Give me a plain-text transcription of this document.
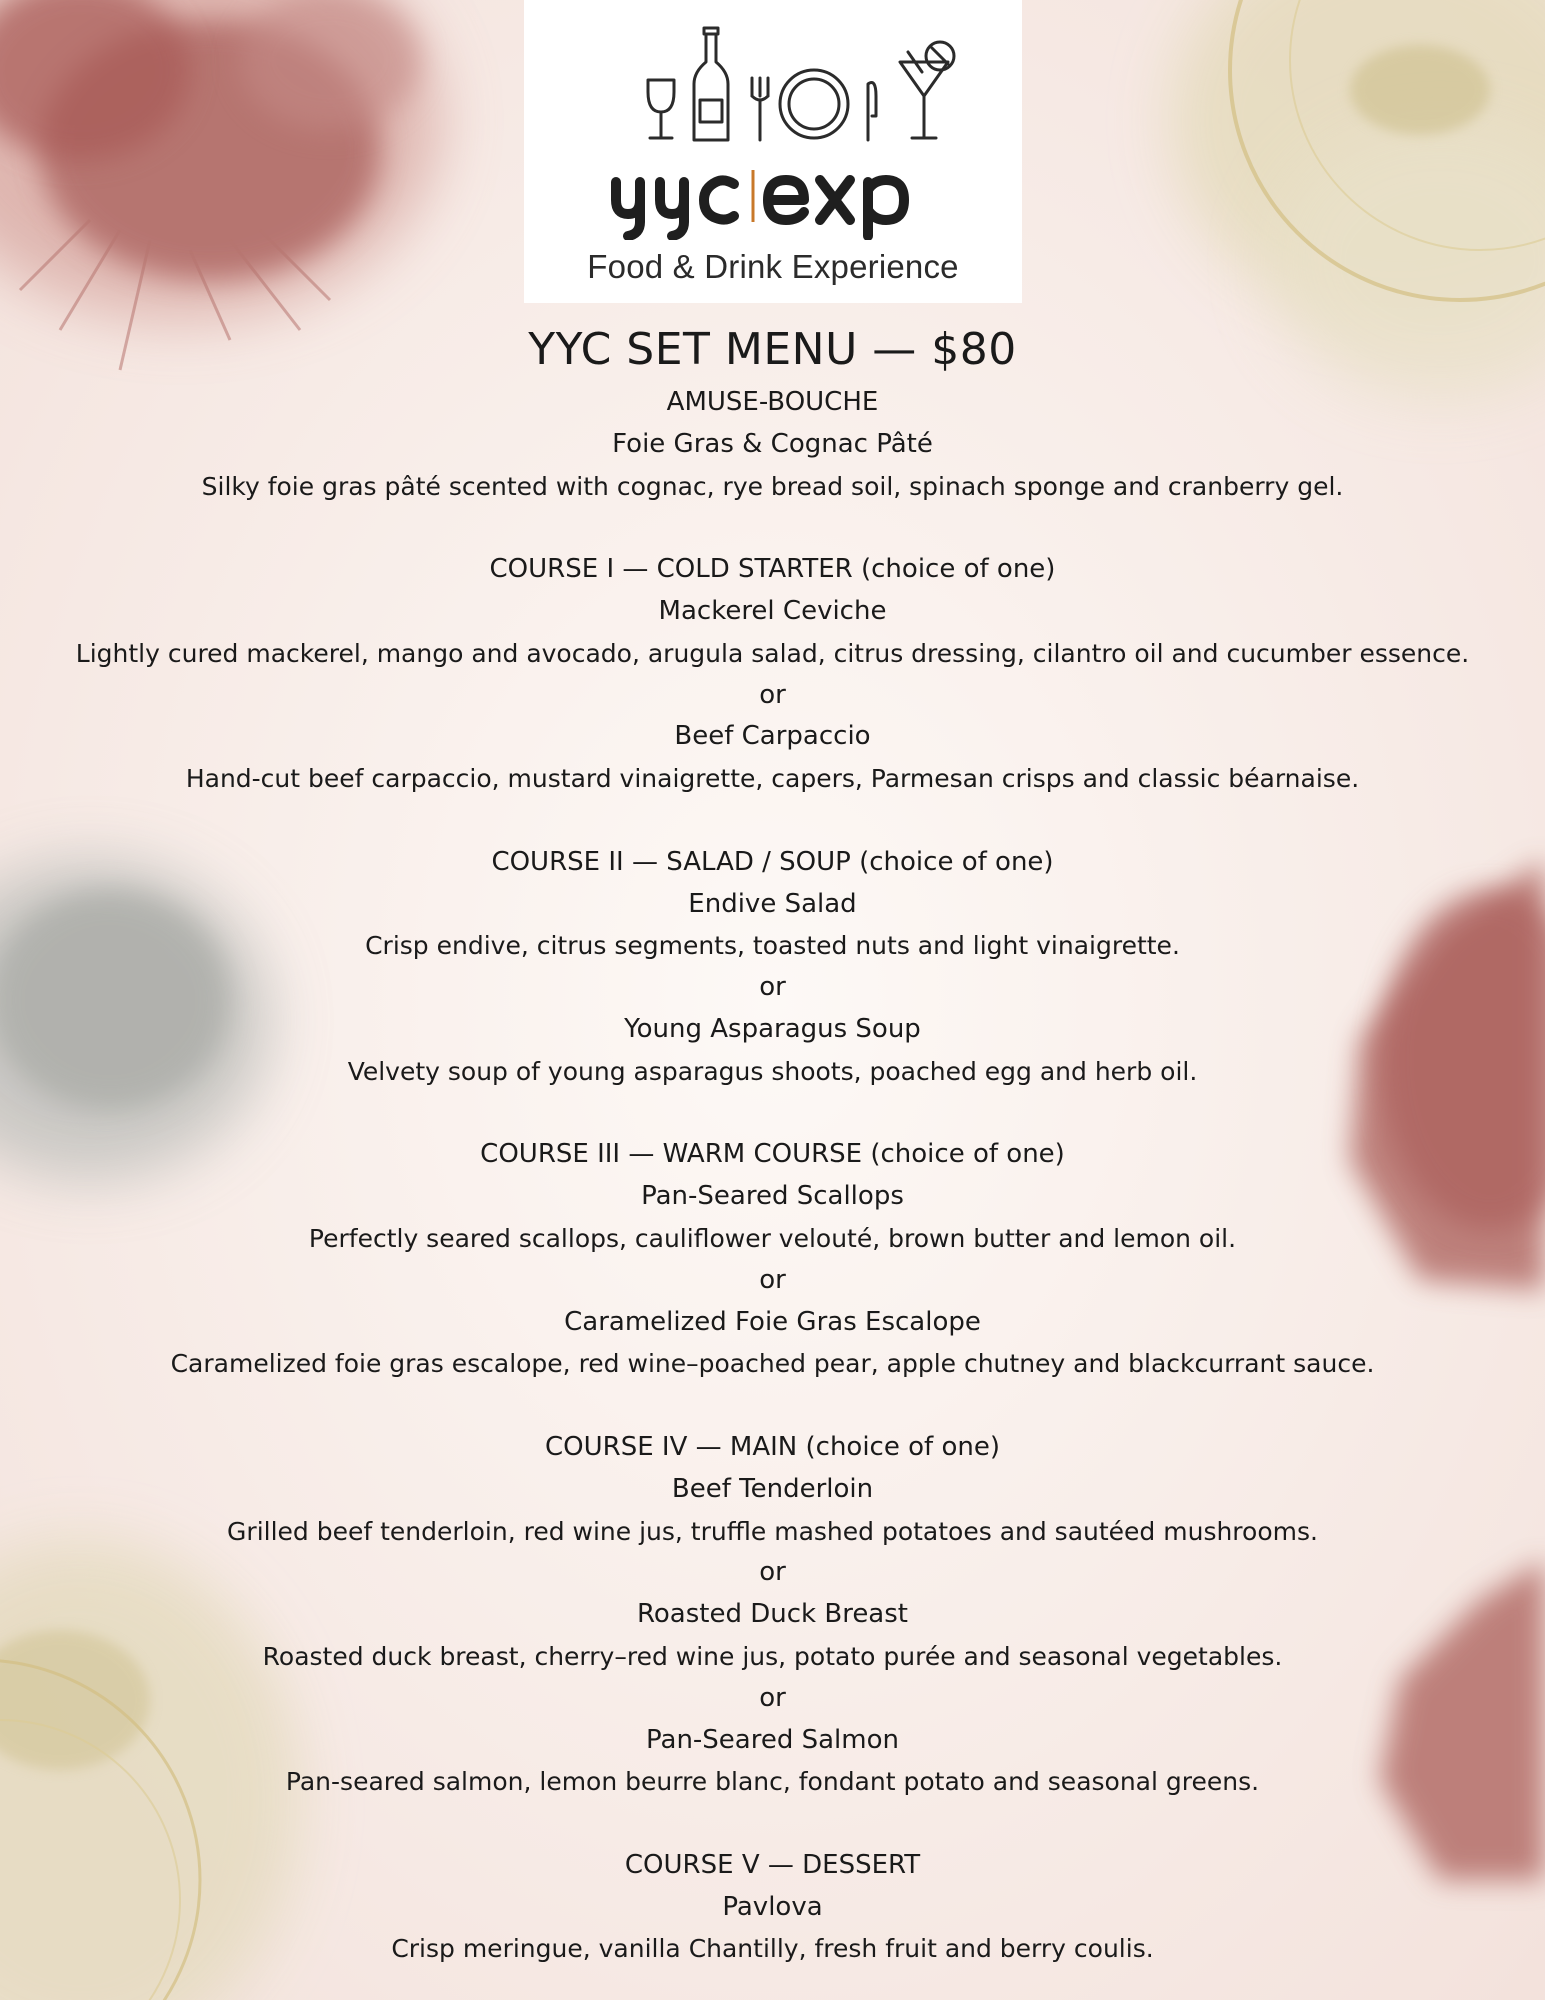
Food & Drink Experience
YYC SET MENU — $80
AMUSE-BOUCHE
Foie Gras & Cognac Pâté
Silky foie gras pâté scented with cognac, rye bread soil, spinach sponge and cranberry gel.
COURSE I — COLD STARTER (choice of one)
Mackerel Ceviche
Lightly cured mackerel, mango and avocado, arugula salad, citrus dressing, cilantro oil and cucumber essence.
or
Beef Carpaccio
Hand-cut beef carpaccio, mustard vinaigrette, capers, Parmesan crisps and classic béarnaise.
COURSE II — SALAD / SOUP (choice of one)
Endive Salad
Crisp endive, citrus segments, toasted nuts and light vinaigrette.
or
Young Asparagus Soup
Velvety soup of young asparagus shoots, poached egg and herb oil.
COURSE III — WARM COURSE (choice of one)
Pan-Seared Scallops
Perfectly seared scallops, cauliflower velouté, brown butter and lemon oil.
or
Caramelized Foie Gras Escalope
Caramelized foie gras escalope, red wine–poached pear, apple chutney and blackcurrant sauce.
COURSE IV — MAIN (choice of one)
Beef Tenderloin
Grilled beef tenderloin, red wine jus, truffle mashed potatoes and sautéed mushrooms.
or
Roasted Duck Breast
Roasted duck breast, cherry–red wine jus, potato purée and seasonal vegetables.
or
Pan-Seared Salmon
Pan-seared salmon, lemon beurre blanc, fondant potato and seasonal greens.
COURSE V — DESSERT
Pavlova
Crisp meringue, vanilla Chantilly, fresh fruit and berry coulis.
